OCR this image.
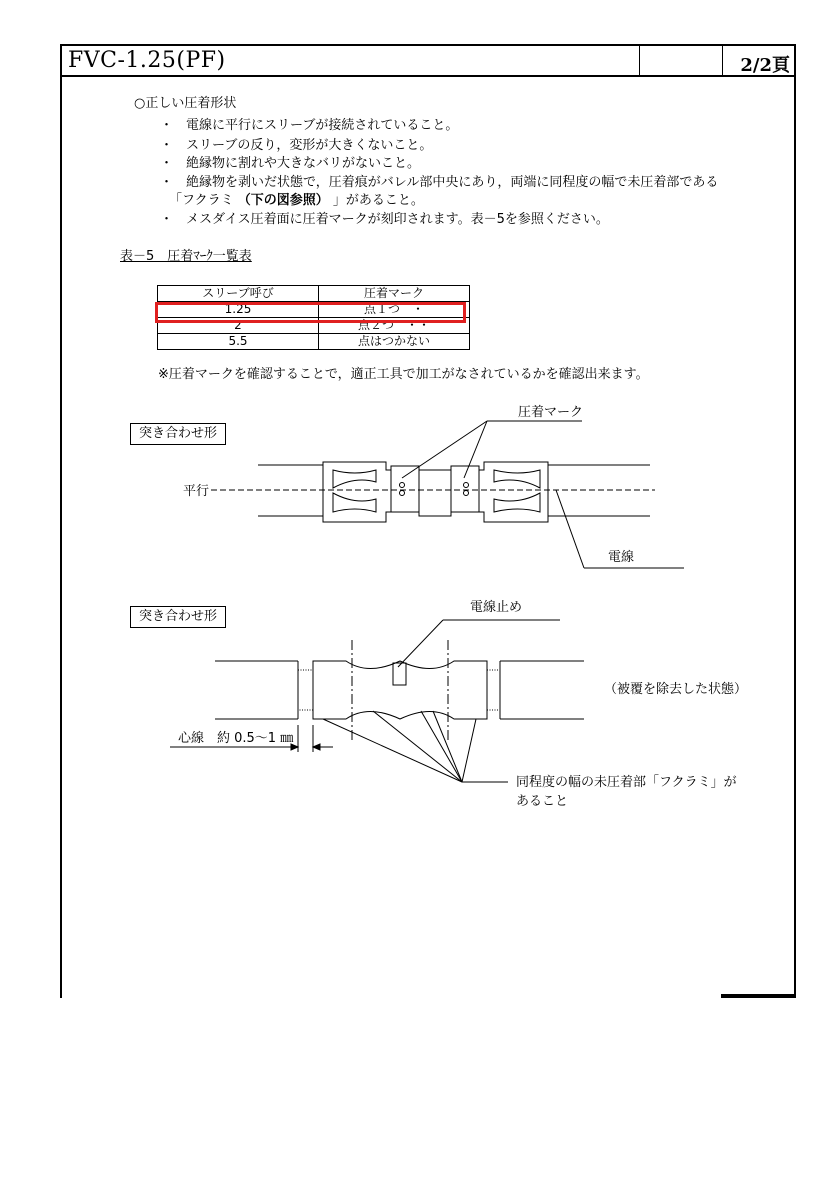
FVC-1.25(PF)	2/2頁
○正しい圧着形状
・　電線に平行にスリーブが接続されていること。
・　スリーブの反り，変形が大きくないこと。
・　絶縁物に割れや大きなバリがないこと。
・　絶縁物を剥いだ状態で，圧着痕がバレル部中央にあり，両端に同程度の幅で未圧着部である
「フクラミ （下の図参照） 」があること。
・　メスダイス圧着面に圧着マークが刻印されます。表－5を参照ください。
表－5　圧着ﾏｰｸ一覧表
スリーブ呼び	圧着マーク
1.25	点１つ　・
2	点２つ　・・
5.5	点はつかない
※圧着マークを確認することで，適正工具で加工がなされているかを確認出来ます。
突き合わせ形
圧着マーク
平行
電線
突き合わせ形
電線止め
（被覆を除去した状態）
心線　約 0.5～1 ㎜
同程度の幅の未圧着部「フクラミ」が
あること
